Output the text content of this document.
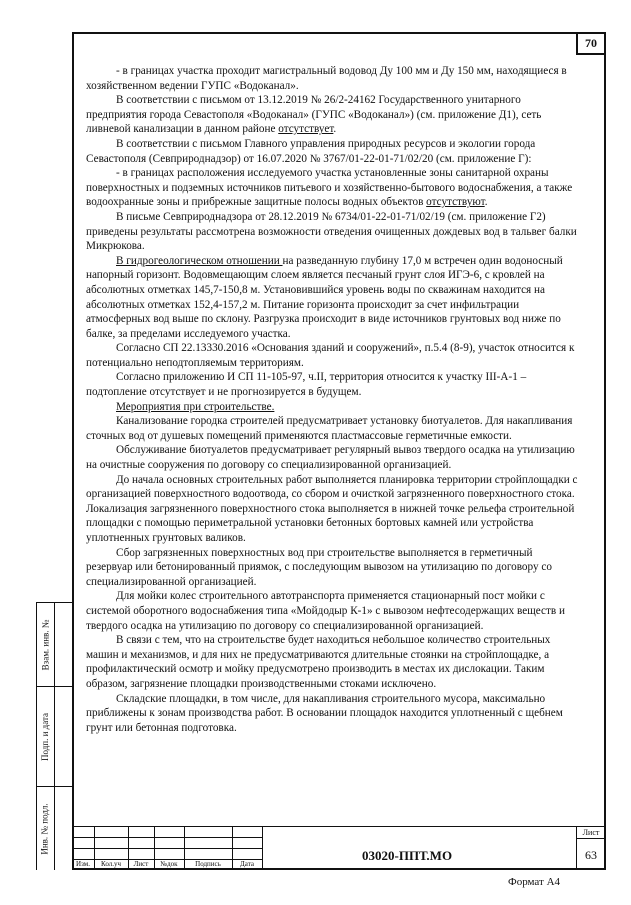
70

- в границах участка проходит магистральный водовод Ду 100 мм и Ду 150 мм, находящиеся в хозяйственном ведении ГУПС «Водоканал».

В соответствии с письмом от 13.12.2019 № 26/2-24162 Государственного унитарного предприятия города Севастополя «Водоканал» (ГУПС «Водоканал») (см. приложение Д1), сеть ливневой канализации в данном районе отсутствует.

В соответствии с письмом Главного управления природных ресурсов и экологии города Севастополя (Севприроднадзор) от 16.07.2020 № 3767/01-22-01-71/02/20 (см. приложение Г):

- в границах расположения исследуемого участка установленные зоны санитарной охраны поверхностных и подземных источников питьевого и хозяйственно-бытового водоснабжения, а также водоохранные зоны и прибрежные защитные полосы водных объектов отсутствуют.

В письме Севприроднадзора от 28.12.2019 № 6734/01-22-01-71/02/19 (см. приложение Г2) приведены результаты рассмотрена возможности отведения очищенных дождевых вод в тальвег балки Микрюкова.

В гидрогеологическом отношении на разведанную глубину 17,0 м встречен один водоносный напорный горизонт. Водовмещающим слоем является песчаный грунт слоя ИГЭ-6, с кровлей на абсолютных отметках 145,7-150,8 м. Установившийся уровень воды по скважинам находится на абсолютных отметках 152,4-157,2 м. Питание горизонта происходит за счет инфильтрации атмосферных вод выше по склону. Разгрузка происходит в виде источников грунтовых вод ниже по балке, за пределами исследуемого участка.

Согласно СП 22.13330.2016 «Основания зданий и сооружений», п.5.4 (8-9), участок относится к потенциально неподтопляемым территориям.

Согласно приложению И СП 11-105-97, ч.II, территория относится к участку III-А-1 – подтопление отсутствует и не прогнозируется в будущем.

Мероприятия при строительстве.

Канализование городка строителей предусматривает установку биотуалетов. Для накапливания сточных вод от душевых помещений применяются пластмассовые герметичные емкости.

Обслуживание биотуалетов предусматривает регулярный вывоз твердого осадка на утилизацию на очистные сооружения по договору со специализированной организацией.

До начала основных строительных работ выполняется планировка территории стройплощадки с организацией поверхностного водоотвода, со сбором и очисткой загрязненного поверхностного стока. Локализация загрязненного поверхностного стока выполняется в нижней точке рельефа строительной площадки с помощью периметральной установки бетонных бортовых камней или устройства уплотненных грунтовых валиков.

Сбор загрязненных поверхностных вод при строительстве выполняется в герметичный резервуар или бетонированный приямок, с последующим вывозом на утилизацию по договору со специализированной организацией.

Для мойки колес строительного автотранспорта применяется стационарный пост мойки с системой оборотного водоснабжения типа «Мойдодыр К-1» с вывозом нефтесодержащих веществ и твердого осадка на утилизацию по договору со специализированной организацией.

В связи с тем, что на строительстве будет находиться небольшое количество строительных машин и механизмов, и для них не предусматриваются длительные стоянки на стройплощадке, а профилактический осмотр и мойку предусмотрено производить в местах их дислокации. Таким образом, загрязнение площадки производственными стоками исключено.

Складские площадки, в том числе, для накапливания строительного мусора, максимально приближены к зонам производства работ. В основании площадок находится уплотненный с щебнем грунт или бетонная подготовка.

Взам. инв. №
Подп. и дата
Инв. № подл.
Изм.	Кол.уч	Лист	№док	Подпись	Дата
03020-ППТ.МО
Лист
63
Формат А4
